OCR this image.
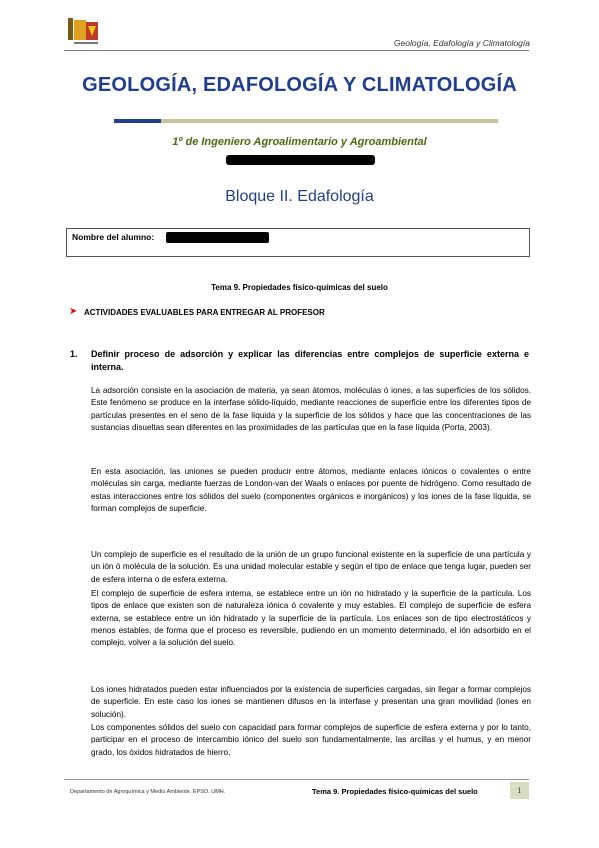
Geología, Edafología y Climatología
GEOLOGÍA, EDAFOLOGÍA Y CLIMATOLOGÍA
1º de Ingeniero Agroalimentario y Agroambiental
Bloque II. Edafología
Nombre del alumno:
Tema 9. Propiedades físico-químicas del suelo
➤ ACTIVIDADES EVALUABLES PARA ENTREGAR AL PROFESOR
1. Definir proceso de adsorción y explicar las diferencias entre complejos de superficie externa e interna.

La adsorción consiste en la asociación de materia, ya sean átomos, moléculas ó iones, a las superficies de los sólidos. Este fenómeno se produce en la interfase sólido-líquido, mediante reacciones de superficie entre los diferentes tipos de partículas presentes en el seno de la fase líquida y la superficie de los sólidos y hace que las concentraciones de las sustancias disueltas sean diferentes en las proximidades de las partículas que en la fase líquida (Porta, 2003).

En esta asociación, las uniones se pueden producir entre átomos, mediante enlaces iónicos o covalentes o entre moléculas sin carga, mediante fuerzas de London-van der Waals o enlaces por puente de hidrógeno. Como resultado de estas interacciones entre los sólidos del suelo (componentes orgánicos e inorgánicos) y los iones de la fase líquida, se forman complejos de superficie.

Un complejo de superficie es el resultado de la unión de un grupo funcional existente en la superficie de una partícula y un ión ó molécula de la solución. Es una unidad molecular estable y según el tipo de enlace que tenga lugar, pueden ser de esfera interna o de esfera externa.

El complejo de superficie de esfera interna, se establece entre un ión no hidratado y la superficie de la partícula. Los tipos de enlace que existen son de naturaleza iónica ó covalente y muy estables. El complejo de superficie de esfera externa, se establece entre un ión hidratado y la superficie de la partícula. Los enlaces son de tipo electrostáticos y menos estables, de forma que el proceso es reversible, pudiendo en un momento determinado, el ión adsorbido en el complejo, volver a la solución del suelo.

Los iones hidratados pueden estar influenciados por la existencia de superficies cargadas, sin llegar a formar complejos de superficie. En este caso los iones se mantienen difusos en la interfase y presentan una gran movilidad (iones en solución).

Los componentes sólidos del suelo con capacidad para formar complejos de superficie de esfera externa y por lo tanto, participar en el proceso de intercambio iónico del suelo son fundamentalmente, las arcillas y el humus, y en menor grado, los óxidos hidratados de hierro,

Departamento de Agroquímica y Medio Ambiente. EPSO. UMH.	Tema 9. Propiedades físico-químicas del suelo	1
